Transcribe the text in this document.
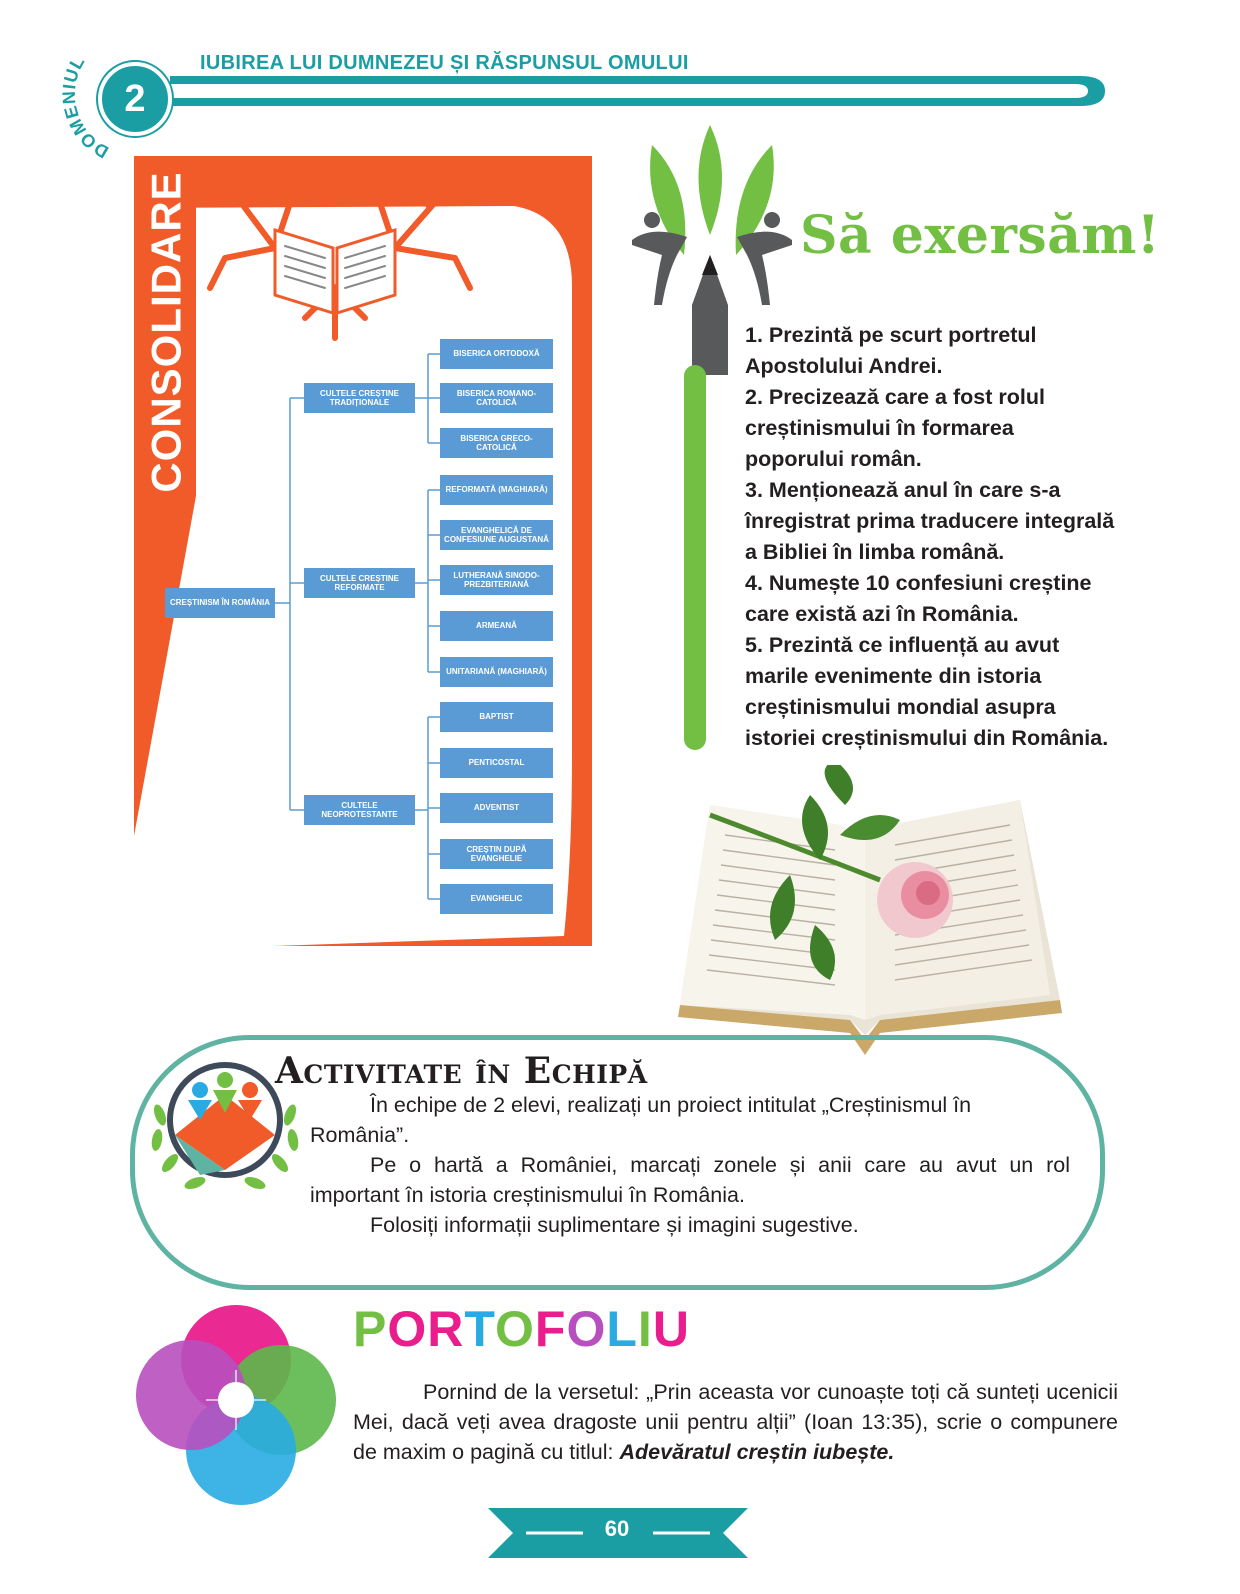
DOMENIUL
2
IUBIREA LUI DUMNEZEU ȘI RĂSPUNSUL OMULUI
CONSOLIDARE
CREȘTINISM ÎN ROMÂNIA
CULTELE CREȘTINE TRADIȚIONALE
CULTELE CREȘTINE REFORMATE
CULTELE NEOPROTESTANTE
BISERICA ORTODOXĂ
BISERICA ROMANO-CATOLICĂ
BISERICA GRECO-CATOLICĂ
REFORMATĂ (MAGHIARĂ)
EVANGHELICĂ DE CONFESIUNE AUGUSTANĂ
LUTHERANĂ SINODO-PREZBITERIANĂ
ARMEANĂ
UNITARIANĂ (MAGHIARĂ)
BAPTIST
PENTICOSTAL
ADVENTIST
CREȘTIN DUPĂ EVANGHELIE
EVANGHELIC
Să exersăm!
1. Prezintă pe scurt portretul Apostolului Andrei.
2. Precizează care a fost rolul creștinismului în formarea poporului român.
3. Menționează anul în care s-a înregistrat prima traducere integrală a Bibliei în limba română.
4. Numește 10 confesiuni creștine care există azi în România.
5. Prezintă ce influență au avut marile evenimente din istoria creștinismului mondial asupra istoriei creștinismului din România.
Activitate în Echipă
În echipe de 2 elevi, realizați un proiect intitulat „Creștinismul în România”.
Pe o hartă a României, marcați zonele și anii care au avut un rol important în istoria creștinismului în România.
Folosiți informații suplimentare și imagini sugestive.
PORTOFOLIU
Pornind de la versetul: „Prin aceasta vor cunoaște toți că sunteți ucenicii Mei, dacă veți avea dragoste unii pentru alții” (Ioan 13:35), scrie o compunere de maxim o pagină cu titlul: Adevăratul creștin iubește.
60
